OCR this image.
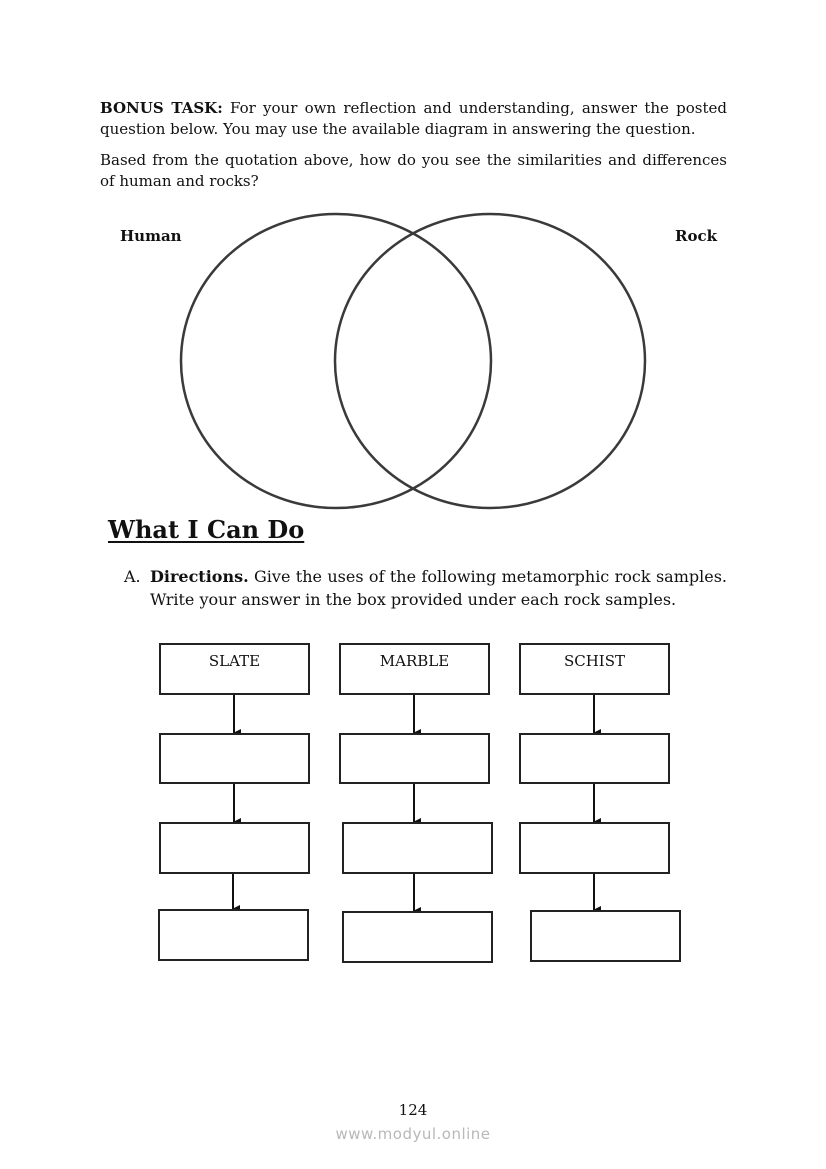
BONUS TASK: For your own reflection and understanding, answer the posted question below. You may use the available diagram in answering the question.
Based from the quotation above, how do you see the similarities and differences of human and rocks?
Human	Rock
What I Can Do
A. Directions. Give the uses of the following metamorphic rock samples. Write your answer in the box provided under each rock samples.
SLATE	MARBLE	SCHIST
124
www.modyul.online
